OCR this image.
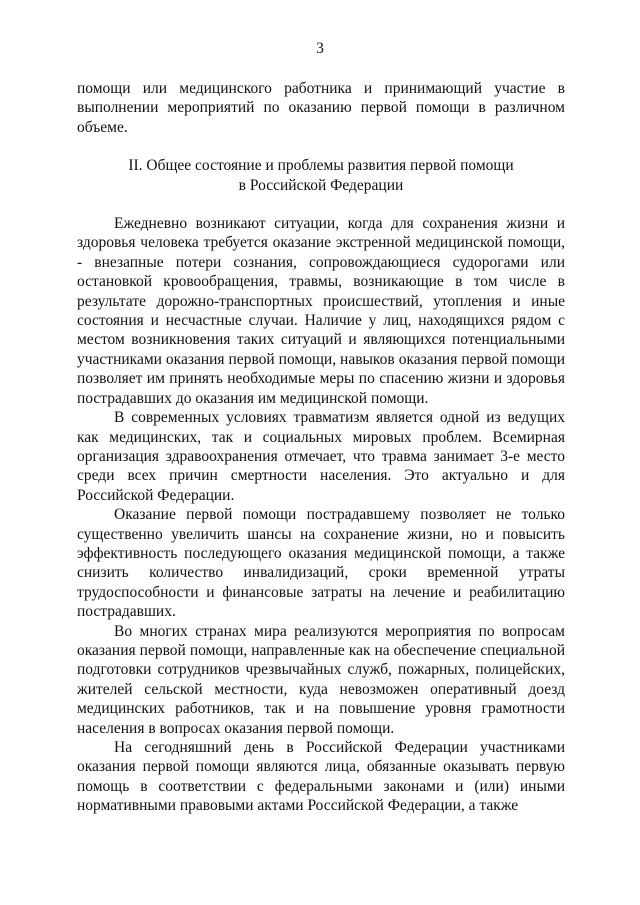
3

помощи или медицинского работника и принимающий участие в выполнении мероприятий по оказанию первой помощи в различном объеме.

II. Общее состояние и проблемы развития первой помощи
в Российской Федерации

Ежедневно возникают ситуации, когда для сохранения жизни и здоровья человека требуется оказание экстренной медицинской помощи, - внезапные потери сознания, сопровождающиеся судорогами или остановкой кровообращения, травмы, возникающие в том числе в результате дорожно-транспортных происшествий, утопления и иные состояния и несчастные случаи. Наличие у лиц, находящихся рядом с местом возникновения таких ситуаций и являющихся потенциальными участниками оказания первой помощи, навыков оказания первой помощи позволяет им принять необходимые меры по спасению жизни и здоровья пострадавших до оказания им медицинской помощи.

В современных условиях травматизм является одной из ведущих как медицинских, так и социальных мировых проблем. Всемирная организация здравоохранения отмечает, что травма занимает 3-е место среди всех причин смертности населения. Это актуально и для Российской Федерации.

Оказание первой помощи пострадавшему позволяет не только существенно увеличить шансы на сохранение жизни, но и повысить эффективность последующего оказания медицинской помощи, а также снизить количество инвалидизаций, сроки временной утраты трудоспособности и финансовые затраты на лечение и реабилитацию пострадавших.

Во многих странах мира реализуются мероприятия по вопросам оказания первой помощи, направленные как на обеспечение специальной подготовки сотрудников чрезвычайных служб, пожарных, полицейских, жителей сельской местности, куда невозможен оперативный доезд медицинских работников, так и на повышение уровня грамотности населения в вопросах оказания первой помощи.

На сегодняшний день в Российской Федерации участниками оказания первой помощи являются лица, обязанные оказывать первую помощь в соответствии с федеральными законами и (или) иными нормативными правовыми актами Российской Федерации, а также
